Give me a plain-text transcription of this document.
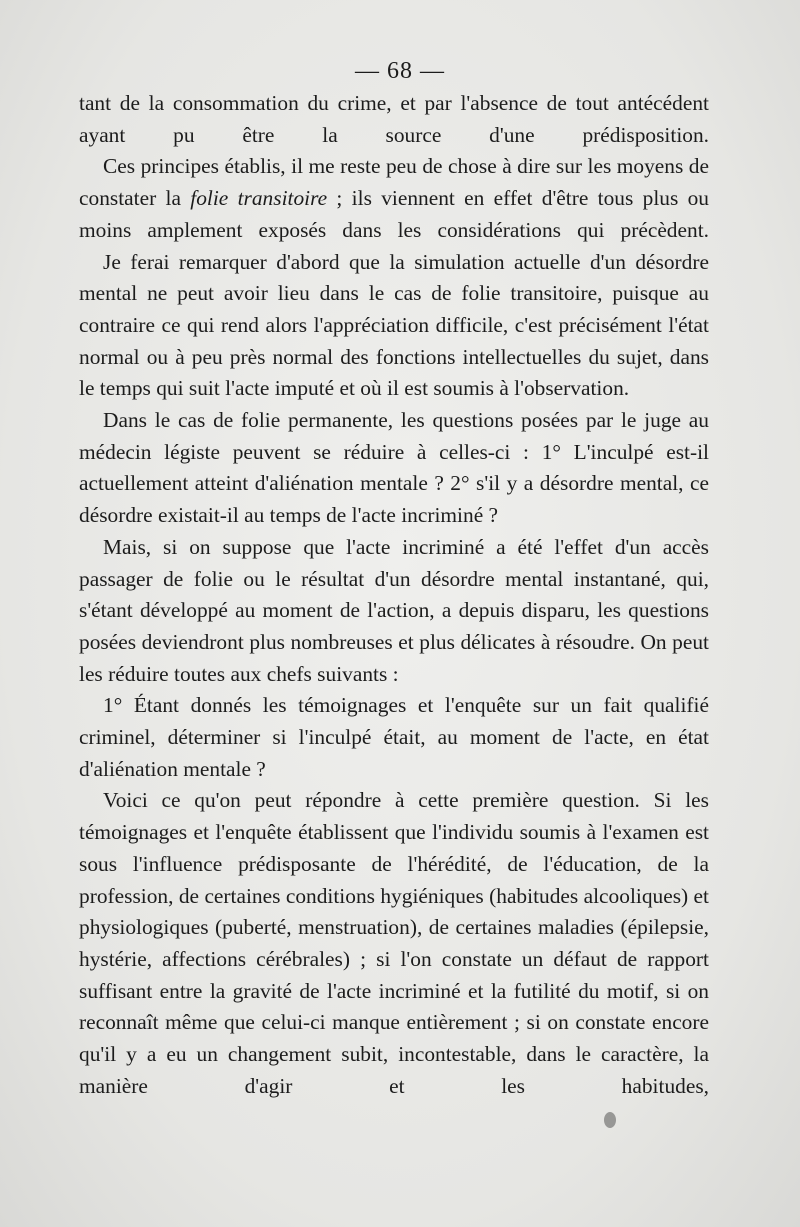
— 68 —

tant de la consommation du crime, et par l'absence de tout antécédent ayant pu être la source d'une prédisposition.

Ces principes établis, il me reste peu de chose à dire sur les moyens de constater la folie transitoire ; ils viennent en effet d'être tous plus ou moins amplement exposés dans les considérations qui précèdent.

Je ferai remarquer d'abord que la simulation actuelle d'un désordre mental ne peut avoir lieu dans le cas de folie transitoire, puisque au contraire ce qui rend alors l'appréciation difficile, c'est précisément l'état normal ou à peu près normal des fonctions intellectuelles du sujet, dans le temps qui suit l'acte imputé et où il est soumis à l'observation.

Dans le cas de folie permanente, les questions posées par le juge au médecin légiste peuvent se réduire à celles-ci : 1° L'inculpé est-il actuellement atteint d'aliénation mentale ? 2° s'il y a désordre mental, ce désordre existait-il au temps de l'acte incriminé ?

Mais, si on suppose que l'acte incriminé a été l'effet d'un accès passager de folie ou le résultat d'un désordre mental instantané, qui, s'étant développé au moment de l'action, a depuis disparu, les questions posées deviendront plus nombreuses et plus délicates à résoudre. On peut les réduire toutes aux chefs suivants :

1° Étant donnés les témoignages et l'enquête sur un fait qualifié criminel, déterminer si l'inculpé était, au moment de l'acte, en état d'aliénation mentale ?

Voici ce qu'on peut répondre à cette première question. Si les témoignages et l'enquête établissent que l'individu soumis à l'examen est sous l'influence prédisposante de l'hérédité, de l'éducation, de la profession, de certaines conditions hygiéniques (habitudes alcooliques) et physiologiques (puberté, menstruation), de certaines maladies (épilepsie, hystérie, affections cérébrales) ; si l'on constate un défaut de rapport suffisant entre la gravité de l'acte incriminé et la futilité du motif, si on reconnaît même que celui-ci manque entièrement ; si on constate encore qu'il y a eu un changement subit, incontestable, dans le caractère, la manière d'agir et les habitudes,
